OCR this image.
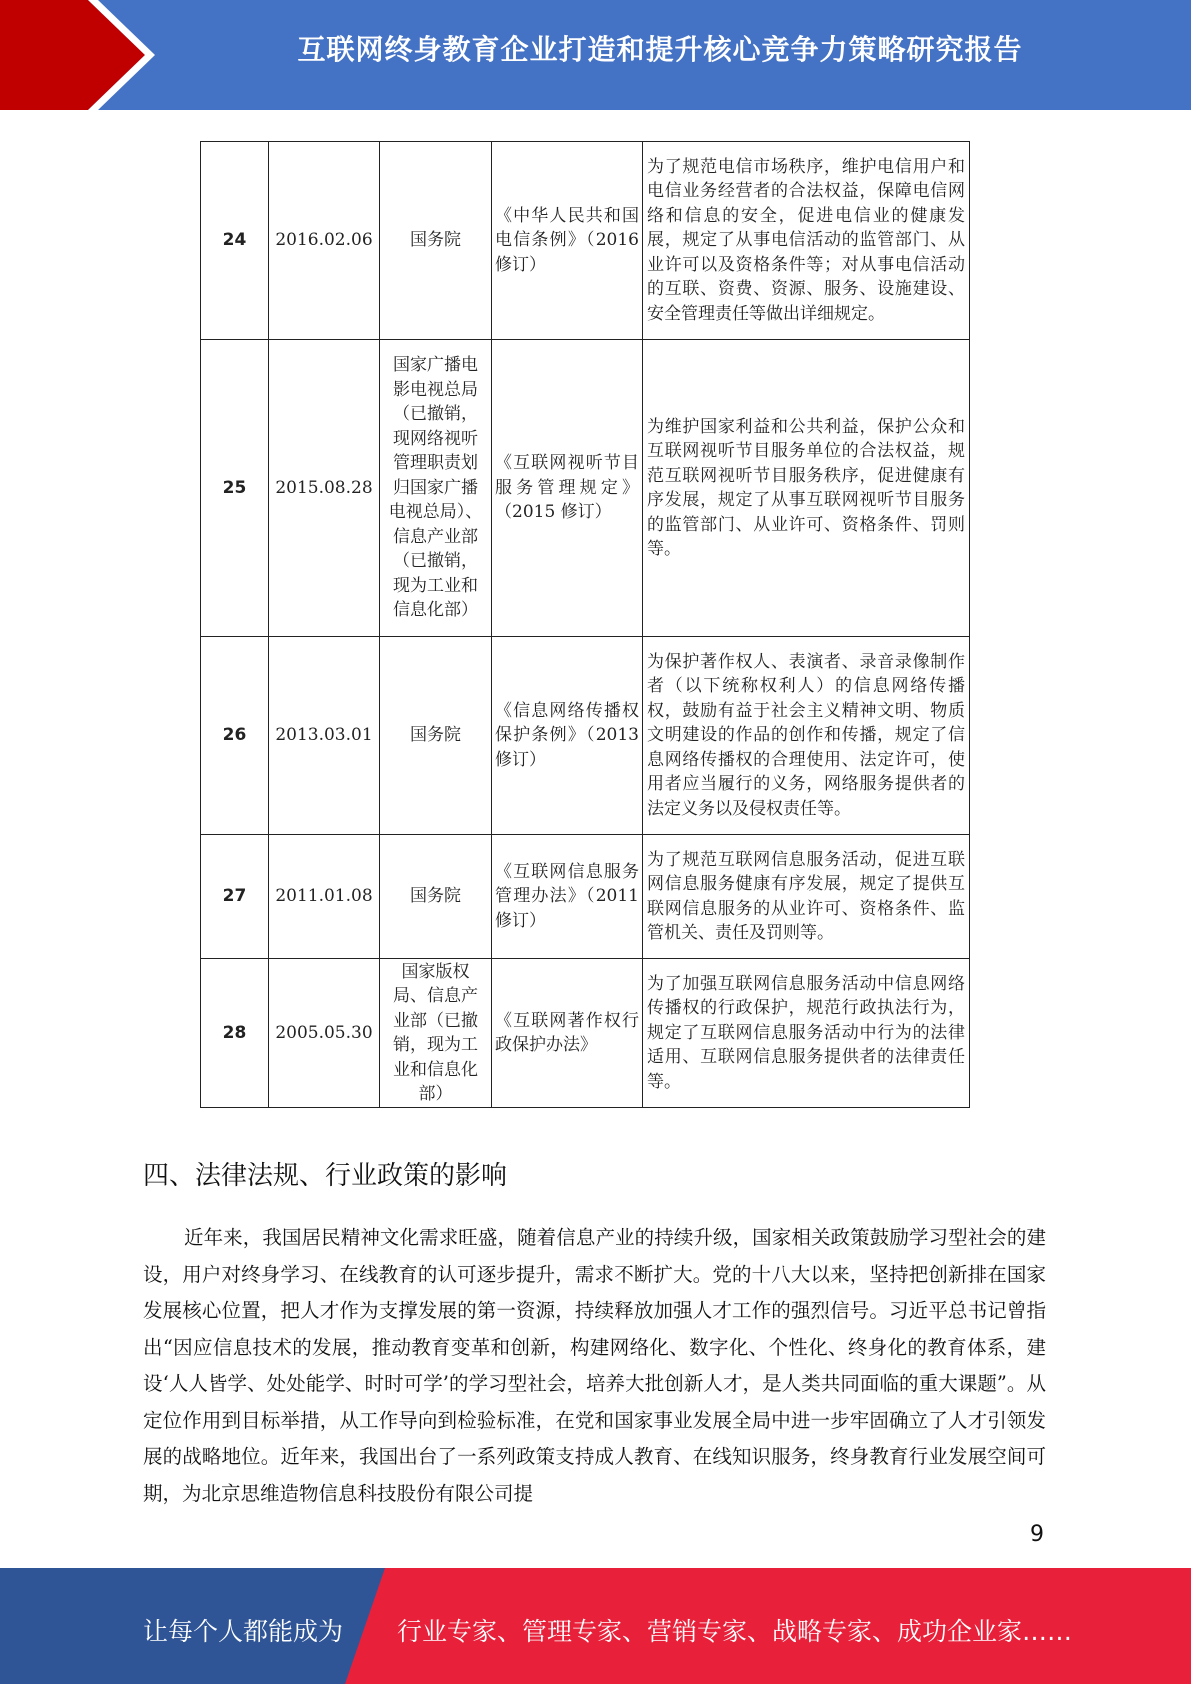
互联网终身教育企业打造和提升核心竞争力策略研究报告
24	2016.02.06	国务院	《中华人民共和国电信条例》（2016 修订）	为了规范电信市场秩序，维护电信用户和电信业务经营者的合法权益，保障电信网络和信息的安全，促进电信业的健康发展，规定了从事电信活动的监管部门、从业许可以及资格条件等；对从事电信活动的互联、资费、资源、服务、设施建设、安全管理责任等做出详细规定。
25	2015.08.28	国家广播电影电视总局（已撤销，现网络视听管理职责划归国家广播电视总局）、信息产业部（已撤销，现为工业和信息化部）	《互联网视听节目服务管理规定》（2015 修订）	为维护国家利益和公共利益，保护公众和互联网视听节目服务单位的合法权益，规范互联网视听节目服务秩序，促进健康有序发展，规定了从事互联网视听节目服务的监管部门、从业许可、资格条件、罚则等。
26	2013.03.01	国务院	《信息网络传播权保护条例》（2013 修订）	为保护著作权人、表演者、录音录像制作者（以下统称权利人）的信息网络传播权，鼓励有益于社会主义精神文明、物质文明建设的作品的创作和传播，规定了信息网络传播权的合理使用、法定许可，使用者应当履行的义务，网络服务提供者的法定义务以及侵权责任等。
27	2011.01.08	国务院	《互联网信息服务管理办法》（2011 修订）	为了规范互联网信息服务活动，促进互联网信息服务健康有序发展，规定了提供互联网信息服务的从业许可、资格条件、监管机关、责任及罚则等。
28	2005.05.30	国家版权局、信息产业部（已撤销，现为工业和信息化部）	《互联网著作权行政保护办法》	为了加强互联网信息服务活动中信息网络传播权的行政保护，规范行政执法行为，规定了互联网信息服务活动中行为的法律适用、互联网信息服务提供者的法律责任等。
四、法律法规、行业政策的影响

近年来，我国居民精神文化需求旺盛，随着信息产业的持续升级，国家相关政策鼓励学习型社会的建设，用户对终身学习、在线教育的认可逐步提升，需求不断扩大。党的十八大以来，坚持把创新排在国家发展核心位置，把人才作为支撑发展的第一资源，持续释放加强人才工作的强烈信号。习近平总书记曾指出“因应信息技术的发展，推动教育变革和创新，构建网络化、数字化、个性化、终身化的教育体系，建设‘人人皆学、处处能学、时时可学’的学习型社会，培养大批创新人才，是人类共同面临的重大课题”。从定位作用到目标举措，从工作导向到检验标准，在党和国家事业发展全局中进一步牢固确立了人才引领发展的战略地位。近年来，我国出台了一系列政策支持成人教育、在线知识服务，终身教育行业发展空间可期，为北京思维造物信息科技股份有限公司提

9
让每个人都能成为 行业专家、管理专家、营销专家、战略专家、成功企业家……
